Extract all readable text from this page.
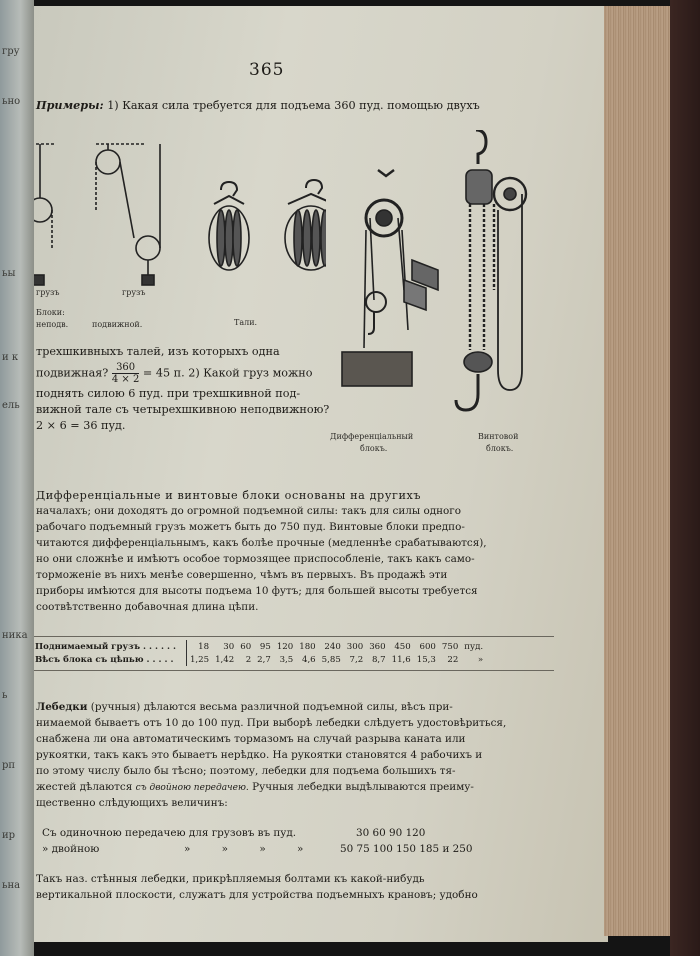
гру
ьно
ьы
и к
ель
ника
ь
рп
ир
ьна
365
Примеры: 1) Какая сила требуется для подъема 360 пуд. помощью двухъ
грузъ	грузъ
Блоки:
неподв.	подвижной.	Тали.
Дифференціальный
блокъ.
Винтовой
блокъ.
трехшкивныхъ талей, изъ которыхъ одна
подвижная? $\frac{360}{4 \times 2} = 45$ п. 2) Какой груз можно
поднять силою 6 пуд. при трехшкивной под-
вижной тале съ четырехшкивною неподвижною?
2 × 6 = 36 пуд.
Дифференціальные и винтовые блоки основаны на другихъ
началахъ; они доходятъ до огромной подъемной силы: такъ для силы одного
рабочаго подъемный грузъ можетъ быть до 750 пуд. Винтовые блоки предпо-
читаются дифференціальнымъ, какъ болѣе прочные (медленнѣе срабатываются),
но они сложнѣе и имѣютъ особое тормозящее приспособленіе, такъ какъ само-
торможеніе въ нихъ менѣе совершенно, чѣмъ въ первыхъ. Въ продажѣ эти
приборы имѣются для высоты подъема 10 футъ; для большей высоты требуется
соотвѣтственно добавочная длина цѣпи.
Поднимаемый грузъ . . . . . .		18	30	60	95	120	180	240	300	360	450	600	750	пуд.
Вѣсъ блока съ цѣпью . . . . .		1,25	1,42	2	2,7	3,5	4,6	5,85	7,2	8,7	11,6	15,3	22	»
Лебедки (ручныя) дѣлаются весьма различной подъемной силы, вѣсъ при-
нимаемой бываетъ отъ 10 до 100 пуд. При выборѣ лебедки слѣдуетъ удостовѣриться,
снабжена ли она автоматическимъ тормазомъ на случай разрыва каната или
рукоятки, такъ какъ это бываетъ нерѣдко. На рукоятки становятся 4 рабочихъ и
по этому числу было бы тѣсно; поэтому, лебедки для подъема большихъ тя-
жестей дѣлаются съ двойною передачею. Ручныя лебедки выдѣлываются преиму-
щественно слѣдующихъ величинъ:
Съ одиночною передачею для грузовъ въ пуд.	30 60 90 120
» двойною	» » » » 50 75 100 150 185 и 250
Такъ наз. стѣнныя лебедки, прикрѣпляемыя болтами къ какой-нибудь
вертикальной плоскости, служатъ для устройства подъемныхъ крановъ; удобно
